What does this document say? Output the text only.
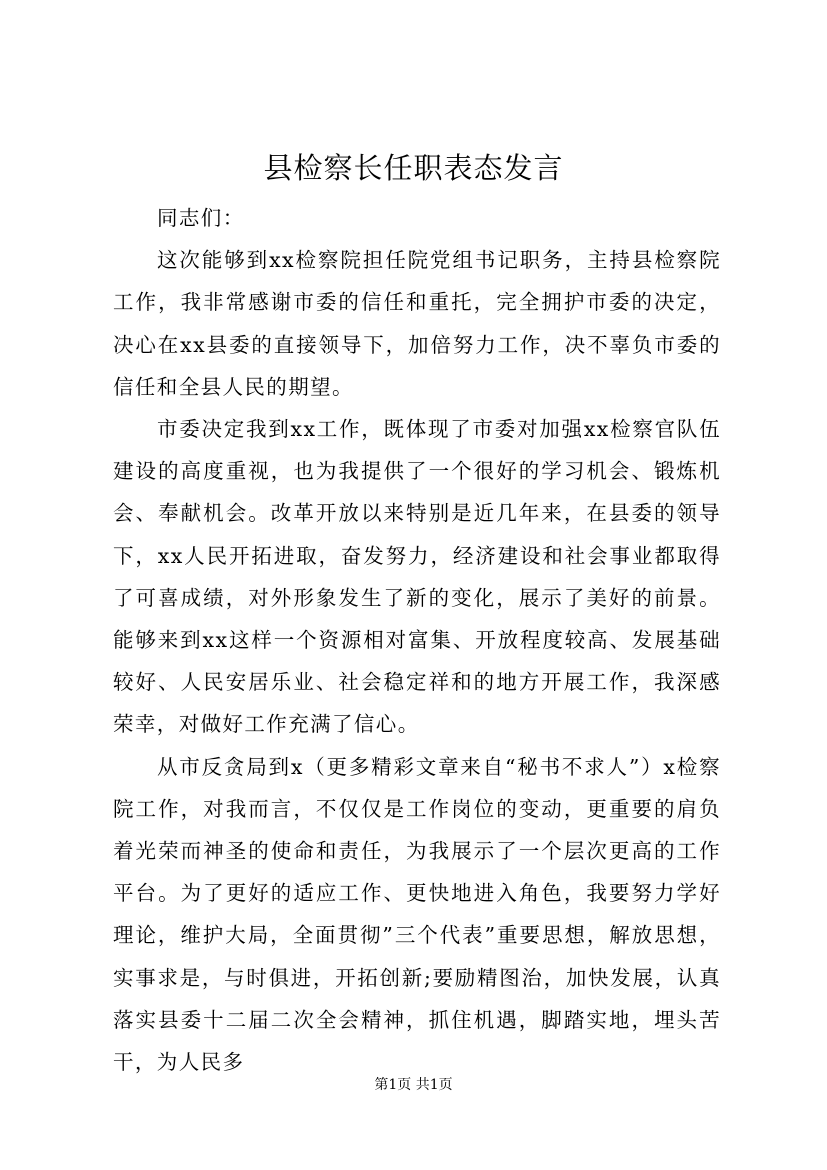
县检察长任职表态发言

同志们：

这次能够到xx检察院担任院党组书记职务，主持县检察院工作，我非常感谢市委的信任和重托，完全拥护市委的决定，决心在xx县委的直接领导下，加倍努力工作，决不辜负市委的信任和全县人民的期望。

市委决定我到xx工作，既体现了市委对加强xx检察官队伍建设的高度重视，也为我提供了一个很好的学习机会、锻炼机会、奉献机会。改革开放以来特别是近几年来，在县委的领导下，xx人民开拓进取，奋发努力，经济建设和社会事业都取得了可喜成绩，对外形象发生了新的变化，展示了美好的前景。能够来到xx这样一个资源相对富集、开放程度较高、发展基础较好、人民安居乐业、社会稳定祥和的地方开展工作，我深感荣幸，对做好工作充满了信心。

从市反贪局到x（更多精彩文章来自“秘书不求人”）x检察院工作，对我而言，不仅仅是工作岗位的变动，更重要的肩负着光荣而神圣的使命和责任，为我展示了一个层次更高的工作平台。为了更好的适应工作、更快地进入角色，我要努力学好理论，维护大局，全面贯彻”三个代表”重要思想，解放思想，实事求是，与时俱进，开拓创新;要励精图治，加快发展，认真落实县委十二届二次全会精神，抓住机遇，脚踏实地，埋头苦干，为人民多

第1页 共1页
